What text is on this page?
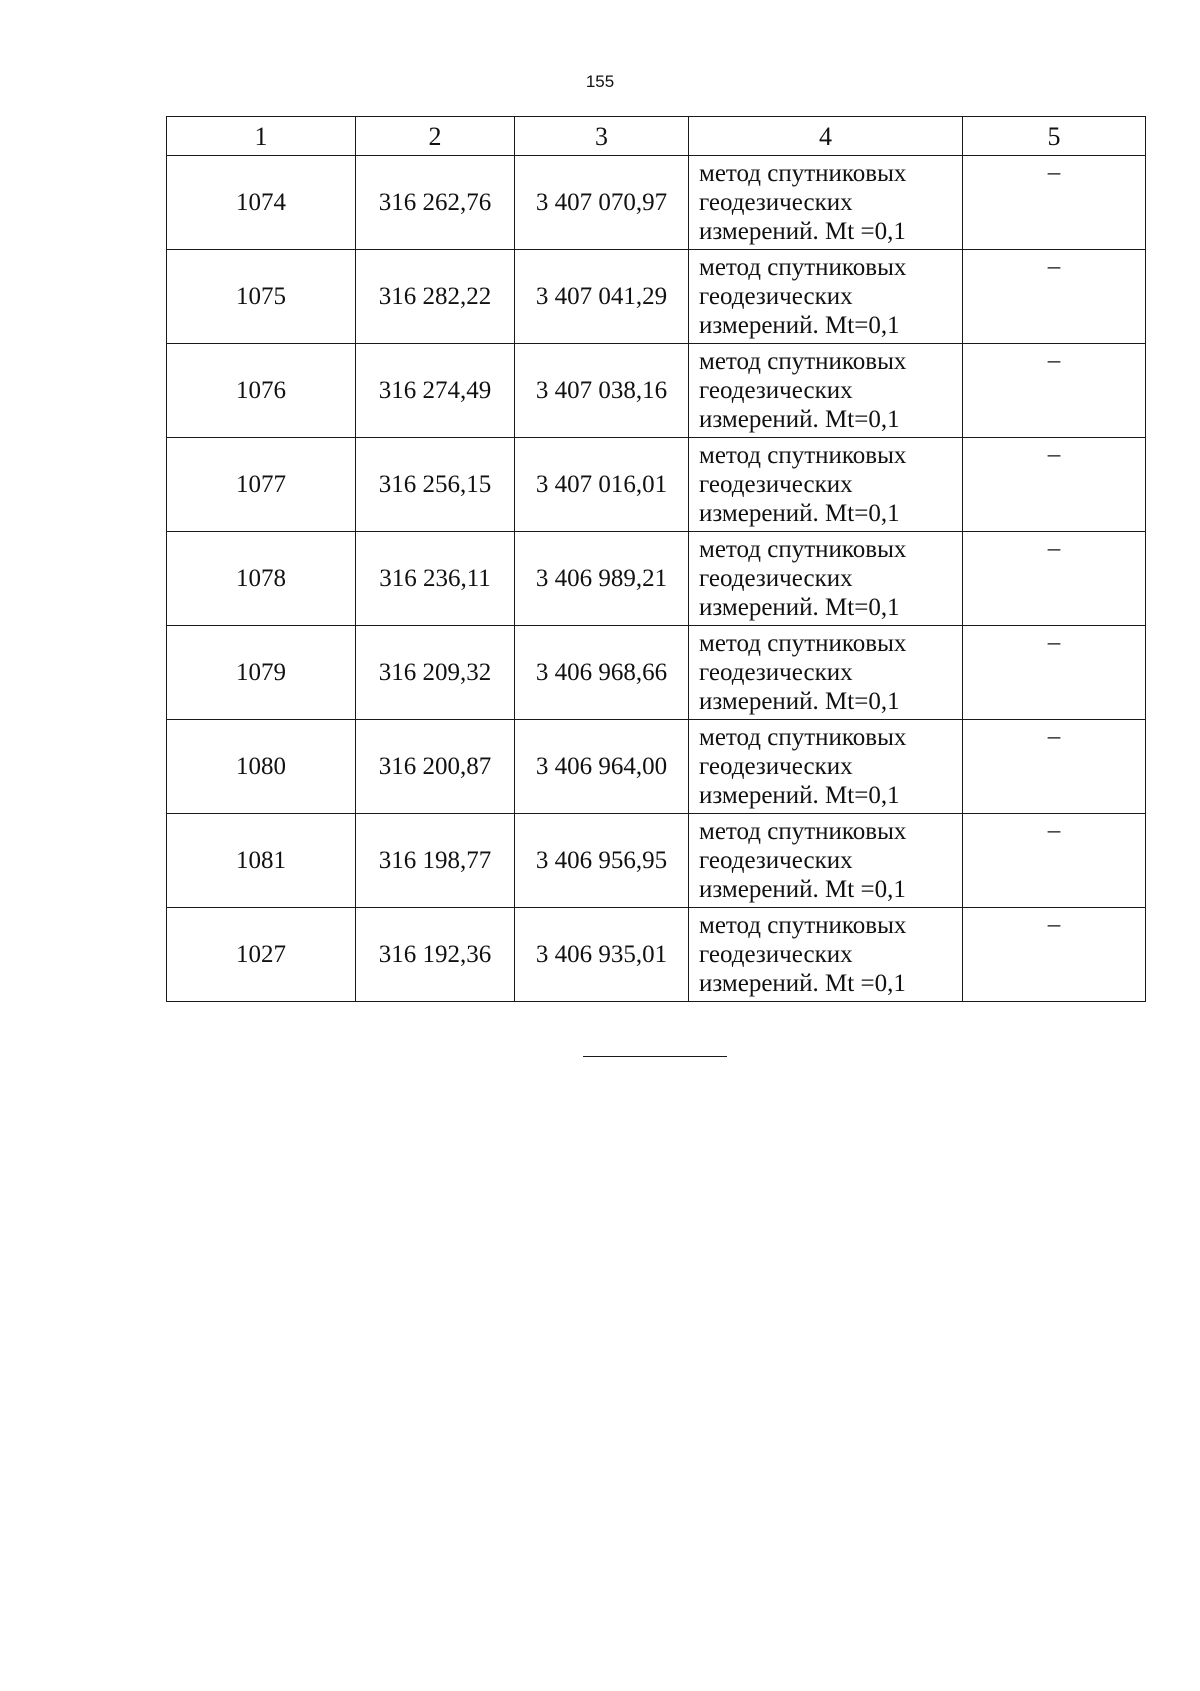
155
1	2	3	4	5
1074	316 262,76	3 407 070,97	метод спутниковых
геодезических
измерений. Mt =0,1	–
1075	316 282,22	3 407 041,29	метод спутниковых
геодезических
измерений. Mt=0,1	–
1076	316 274,49	3 407 038,16	метод спутниковых
геодезических
измерений. Mt=0,1	–
1077	316 256,15	3 407 016,01	метод спутниковых
геодезических
измерений. Mt=0,1	–
1078	316 236,11	3 406 989,21	метод спутниковых
геодезических
измерений. Mt=0,1	–
1079	316 209,32	3 406 968,66	метод спутниковых
геодезических
измерений. Mt=0,1	–
1080	316 200,87	3 406 964,00	метод спутниковых
геодезических
измерений. Mt=0,1	–
1081	316 198,77	3 406 956,95	метод спутниковых
геодезических
измерений. Mt =0,1	–
1027	316 192,36	3 406 935,01	метод спутниковых
геодезических
измерений. Mt =0,1	–
